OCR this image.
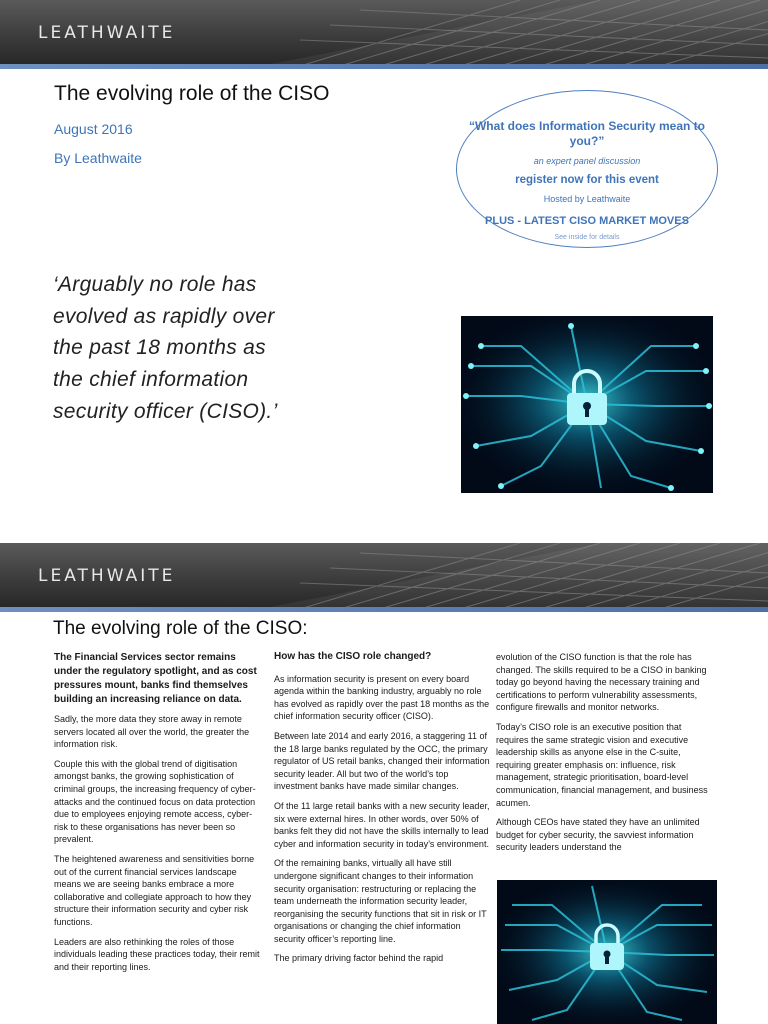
LEATHWAITE
The evolving role of the CISO
August 2016
By Leathwaite
“What does Information Security mean to you?”
an expert panel discussion
register now for this event
Hosted by Leathwaite
PLUS - LATEST CISO MARKET MOVES
See inside for details

‘Arguably no role has evolved as rapidly over the past 18 months as the chief information security officer (CISO).’

LEATHWAITE
The evolving role of the CISO:

The Financial Services sector remains under the regulatory spotlight, and as cost pressures mount, banks find themselves building an increasing reliance on data.

Sadly, the more data they store away in remote servers located all over the world, the greater the information risk.

Couple this with the global trend of digitisation amongst banks, the growing sophistication of criminal groups, the increasing frequency of cyber-attacks and the continued focus on data protection due to employees enjoying remote access, cyber-risk to these organisations has never been so prevalent.

The heightened awareness and sensitivities borne out of the current financial services landscape means we are seeing banks embrace a more collaborative and collegiate approach to how they structure their information security and cyber risk functions.

Leaders are also rethinking the roles of those individuals leading these practices today, their remit and their reporting lines.

How has the CISO role changed?

As information security is present on every board agenda within the banking industry, arguably no role has evolved as rapidly over the past 18 months as the chief information security officer (CISO).

Between late 2014 and early 2016, a staggering 11 of the 18 large banks regulated by the OCC, the primary regulator of US retail banks, changed their information security leader. All but two of the world’s top investment banks have made similar changes.

Of the 11 large retail banks with a new security leader, six were external hires. In other words, over 50% of banks felt they did not have the skills internally to lead cyber and information security in today’s environment.

Of the remaining banks, virtually all have still undergone significant changes to their information security organisation: restructuring or replacing the team underneath the information security leader, reorganising the security functions that sit in risk or IT organisations or changing the chief information security officer’s reporting line.

The primary driving factor behind the rapid

evolution of the CISO function is that the role has changed. The skills required to be a CISO in banking today go beyond having the necessary training and certifications to perform vulnerability assessments, configure firewalls and monitor networks.

Today’s CISO role is an executive position that requires the same strategic vision and executive leadership skills as anyone else in the C-suite, requiring greater emphasis on: influence, risk management, strategic prioritisation, board-level communication, financial management, and business acumen.

Although CEOs have stated they have an unlimited budget for cyber security, the savviest information security leaders understand the
